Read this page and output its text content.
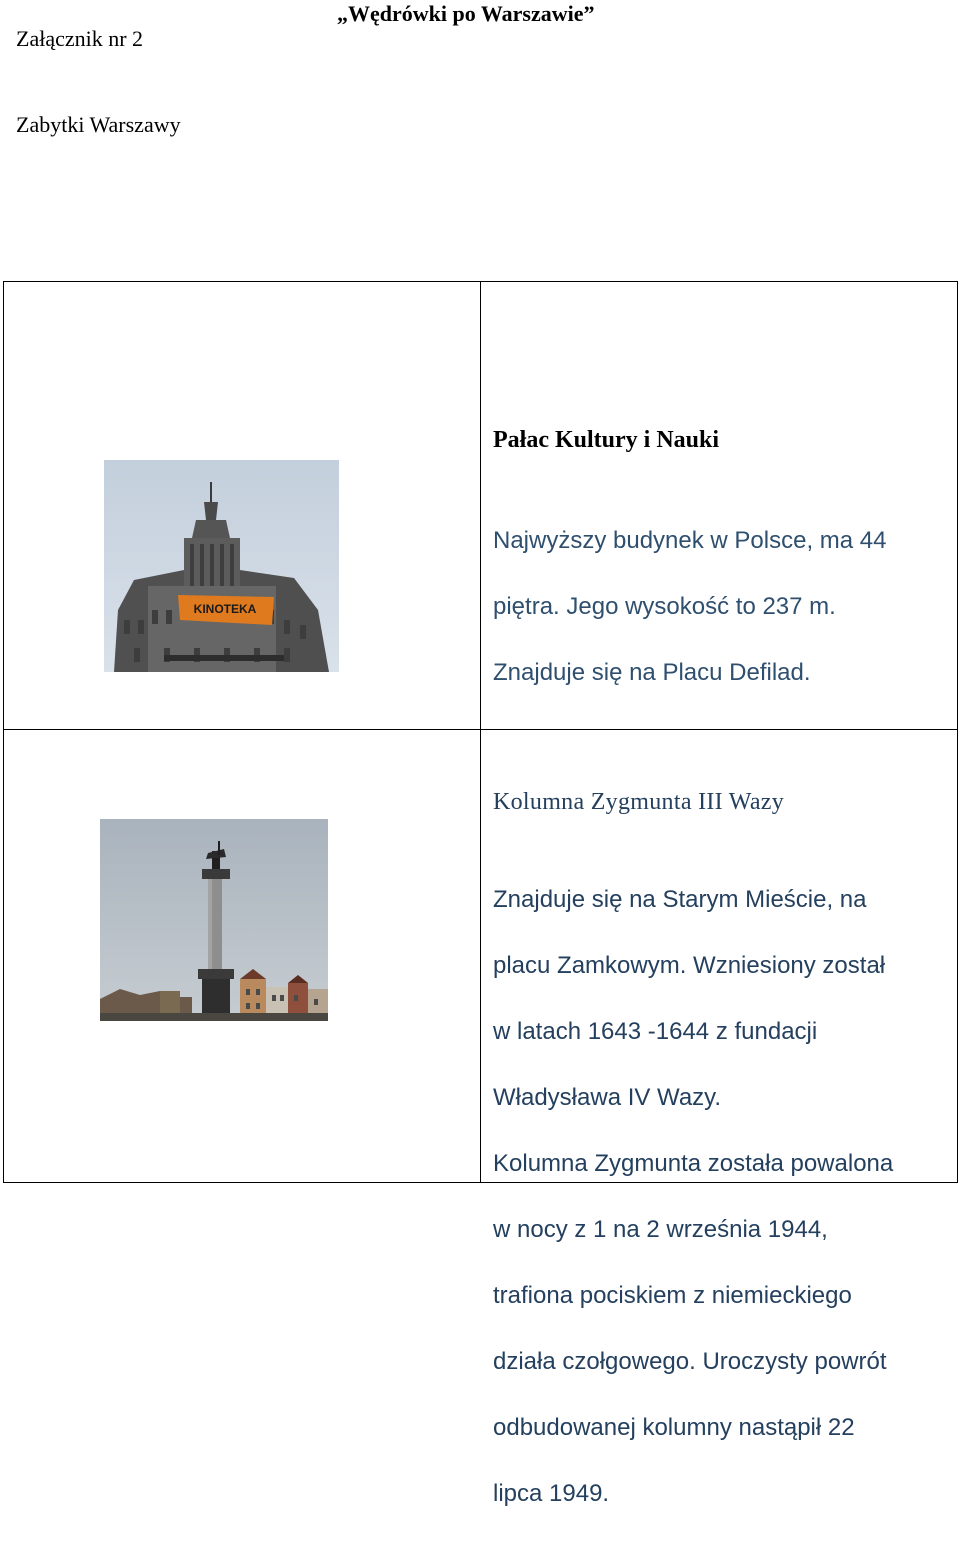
Załącznik nr 2
„Wędrówki po Warszawie”
Zabytki Warszawy
KINOTEKA
Pałac Kultury i Nauki

Najwyższy budynek w Polsce, ma 44

piętra. Jego wysokość to 237 m.

Znajduje się na Placu Defilad.

Kolumna Zygmunta III Wazy

Znajduje się na Starym Mieście, na

placu Zamkowym. Wzniesiony został

w latach 1643 -1644 z fundacji

Władysława IV Wazy.

Kolumna Zygmunta została powalona

w nocy z 1 na 2 września 1944,

trafiona pociskiem z niemieckiego

działa czołgowego. Uroczysty powrót

odbudowanej kolumny nastąpił 22

lipca 1949.
